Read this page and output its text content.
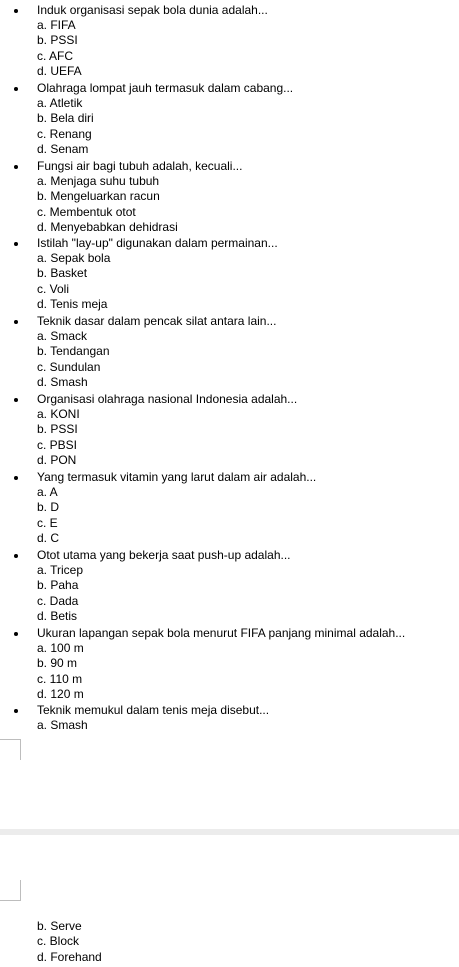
Induk organisasi sepak bola dunia adalah...
a. FIFA
b. PSSI
c. AFC
d. UEFA
Olahraga lompat jauh termasuk dalam cabang...
a. Atletik
b. Bela diri
c. Renang
d. Senam
Fungsi air bagi tubuh adalah, kecuali...
a. Menjaga suhu tubuh
b. Mengeluarkan racun
c. Membentuk otot
d. Menyebabkan dehidrasi
Istilah "lay-up" digunakan dalam permainan...
a. Sepak bola
b. Basket
c. Voli
d. Tenis meja
Teknik dasar dalam pencak silat antara lain...
a. Smack
b. Tendangan
c. Sundulan
d. Smash
Organisasi olahraga nasional Indonesia adalah...
a. KONI
b. PSSI
c. PBSI
d. PON
Yang termasuk vitamin yang larut dalam air adalah...
a. A
b. D
c. E
d. C
Otot utama yang bekerja saat push-up adalah...
a. Tricep
b. Paha
c. Dada
d. Betis
Ukuran lapangan sepak bola menurut FIFA panjang minimal adalah...
a. 100 m
b. 90 m
c. 110 m
d. 120 m
Teknik memukul dalam tenis meja disebut...
a. Smash
b. Serve
c. Block
d. Forehand
